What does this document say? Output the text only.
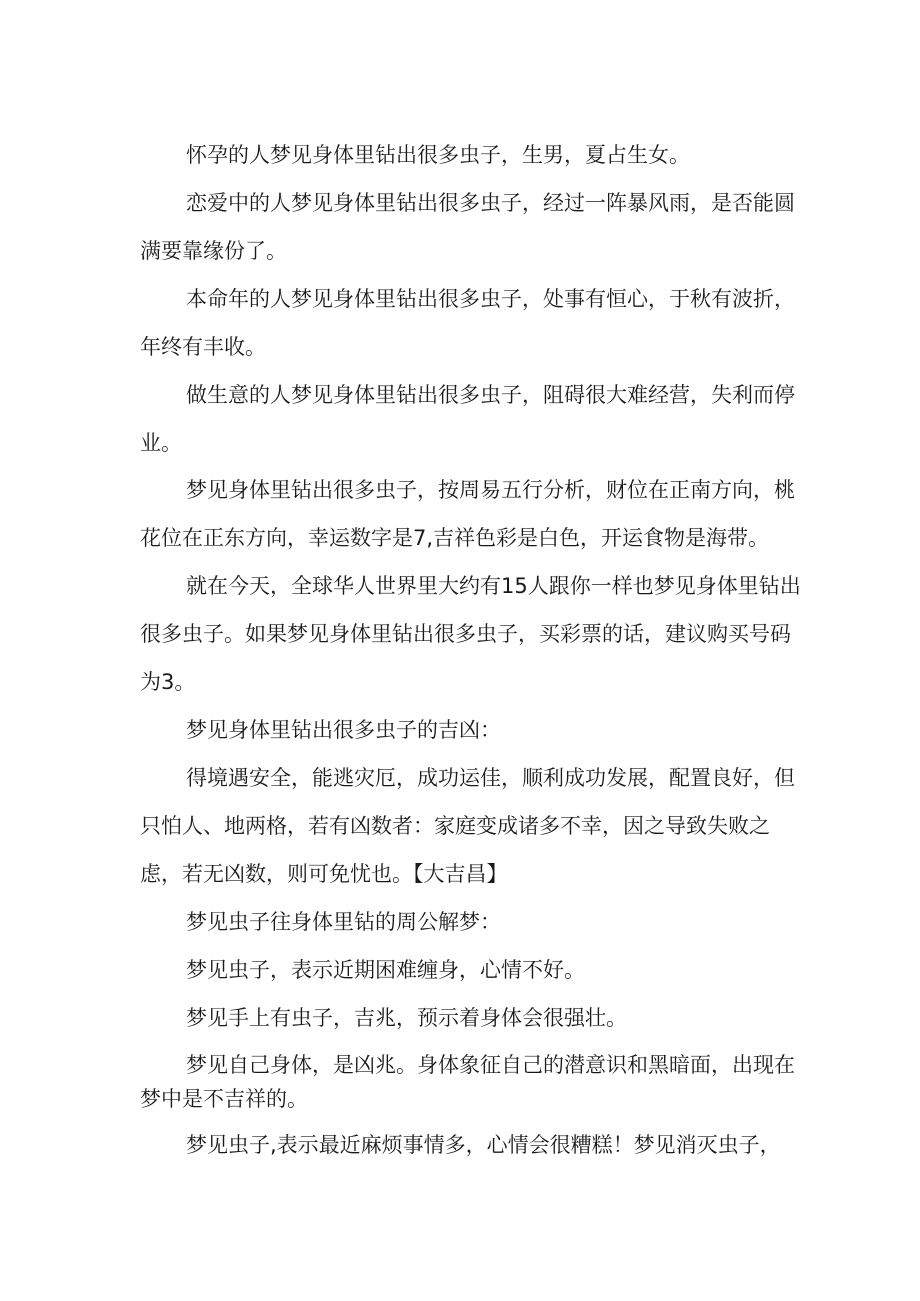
怀孕的人梦见身体里钻出很多虫子，生男，夏占生女。

恋爱中的人梦见身体里钻出很多虫子，经过一阵暴风雨，是否能圆满要靠缘份了。

本命年的人梦见身体里钻出很多虫子，处事有恒心，于秋有波折，年终有丰收。

做生意的人梦见身体里钻出很多虫子，阻碍很大难经营，失利而停业。

梦见身体里钻出很多虫子，按周易五行分析，财位在正南方向，桃花位在正东方向，幸运数字是7,吉祥色彩是白色，开运食物是海带。

就在今天，全球华人世界里大约有15人跟你一样也梦见身体里钻出很多虫子。如果梦见身体里钻出很多虫子，买彩票的话，建议购买号码为3。

梦见身体里钻出很多虫子的吉凶：

得境遇安全，能逃灾厄，成功运佳，顺利成功发展，配置良好，但只怕人、地两格，若有凶数者：家庭变成诸多不幸，因之导致失败之虑，若无凶数，则可免忧也。【大吉昌】

梦见虫子往身体里钻的周公解梦：

梦见虫子，表示近期困难缠身，心情不好。

梦见手上有虫子，吉兆，预示着身体会很强壮。

梦见自己身体，是凶兆。身体象征自己的潜意识和黑暗面，出现在梦中是不吉祥的。

梦见虫子,表示最近麻烦事情多，心情会很糟糕！梦见消灭虫子，
